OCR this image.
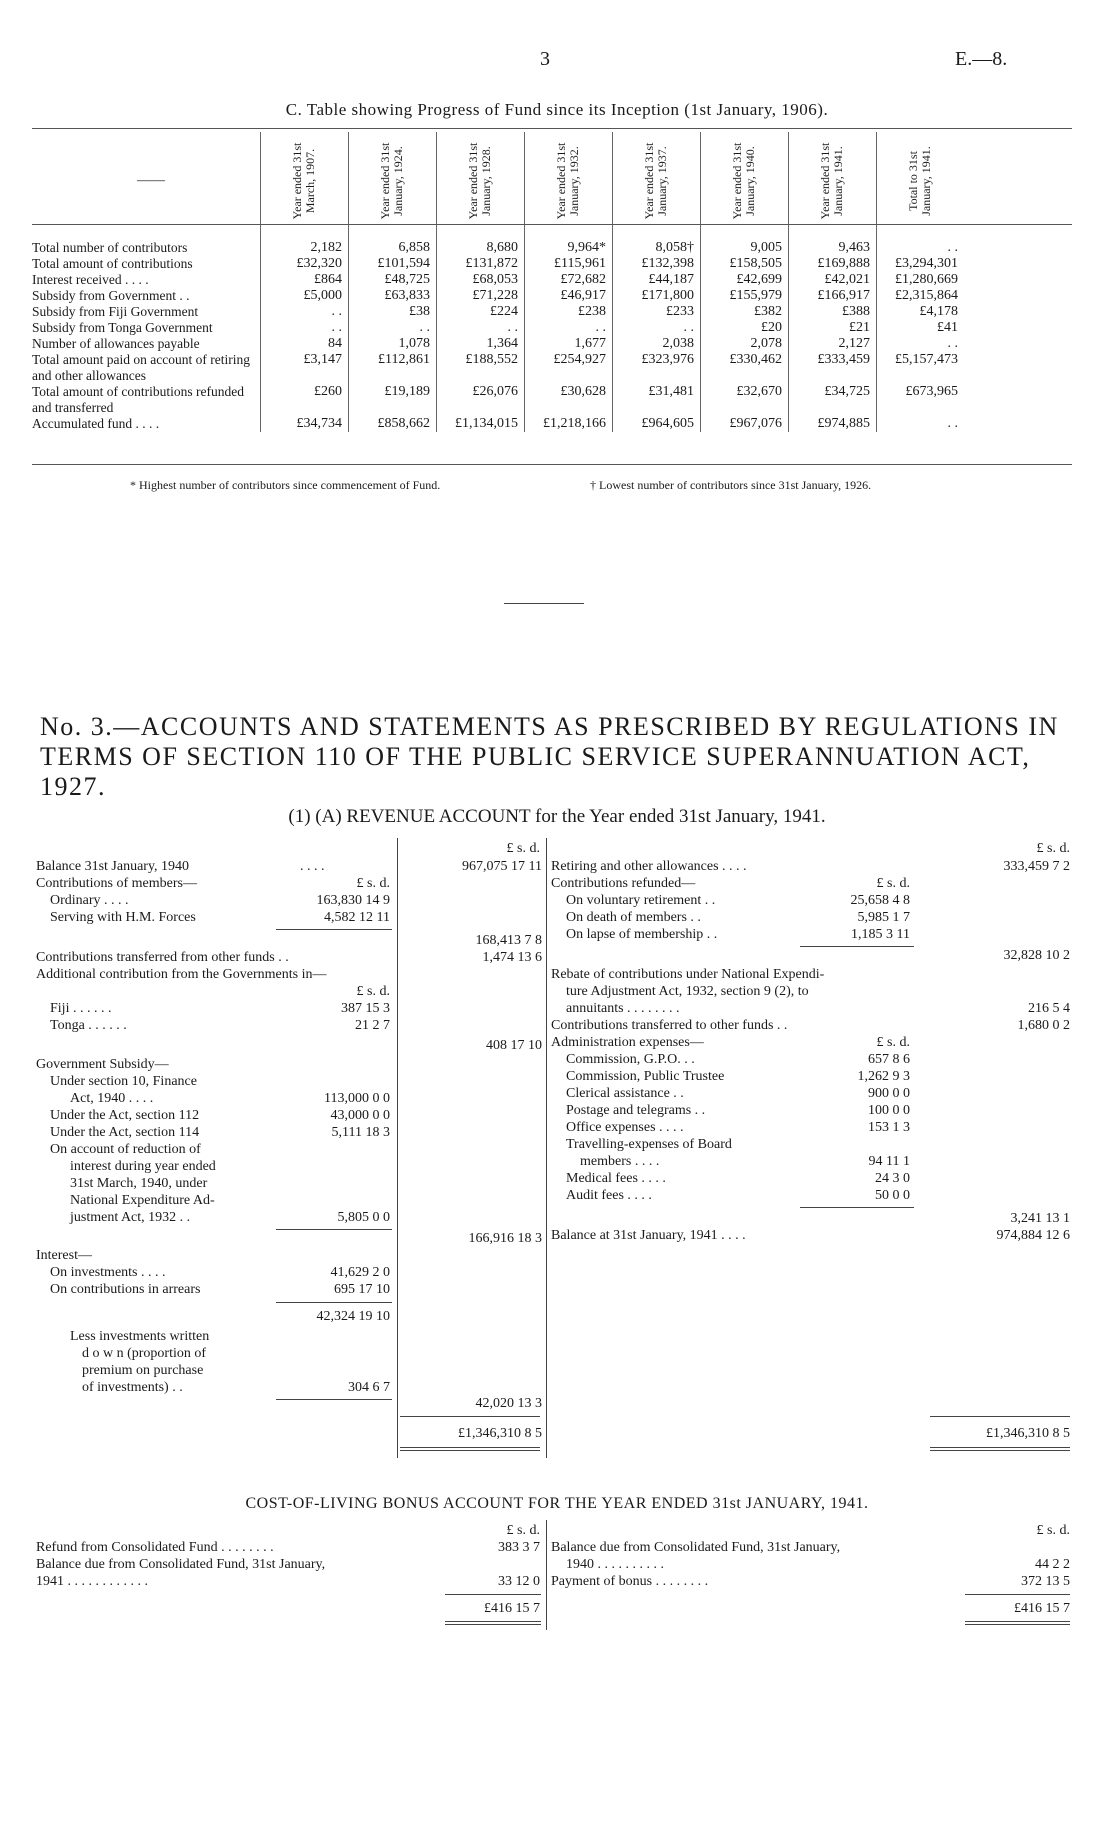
3	E.—8.
C. Table showing Progress of Fund since its Inception (1st January, 1906).
——	Year ended 31st March, 1907.	Year ended 31st January, 1924.	Year ended 31st January, 1928.	Year ended 31st January, 1932.	Year ended 31st January, 1937.	Year ended 31st January, 1940.	Year ended 31st January, 1941.	Total to 31st January, 1941.
Total number of contributors	2,182	6,858	8,680	9,964*	8,058†	9,005	9,463	. .
Total amount of contributions	£32,320	£101,594	£131,872	£115,961	£132,398	£158,505	£169,888	£3,294,301
Interest received . . . .	£864	£48,725	£68,053	£72,682	£44,187	£42,699	£42,021	£1,280,669
Subsidy from Government . .	£5,000	£63,833	£71,228	£46,917	£171,800	£155,979	£166,917	£2,315,864
Subsidy from Fiji Government	. .	£38	£224	£238	£233	£382	£388	£4,178
Subsidy from Tonga Government	. .	. .	. .	. .	. .	£20	£21	£41
Number of allowances payable	84	1,078	1,364	1,677	2,038	2,078	2,127	. .
Total amount paid on account of retiring and other allowances
£3,147	£112,861	£188,552	£254,927	£323,976	£330,462	£333,459	£5,157,473
Total amount of contributions refunded and transferred
£260	£19,189	£26,076	£30,628	£31,481	£32,670	£34,725	£673,965
Accumulated fund . . . .	£34,734	£858,662	£1,134,015	£1,218,166	£964,605	£967,076	£974,885	. .
* Highest number of contributors since commencement of Fund.	† Lowest number of contributors since 31st January, 1926.
No. 3.—ACCOUNTS AND STATEMENTS AS PRESCRIBED BY REGULATIONS IN TERMS OF SECTION 110 OF THE PUBLIC SERVICE SUPERANNUATION ACT, 1927.
(1) (A) REVENUE ACCOUNT for the Year ended 31st January, 1941.
£ s. d.
Balance 31st January, 1940	. . . .	967,075 17 11
Contributions of members—	£ s. d.
Ordinary . . . .	163,830 14 9
Serving with H.M. Forces	4,582 12 11
168,413 7 8
Contributions transferred from other funds . .	1,474 13 6
Additional contribution from the Governments in—
£ s. d.
Fiji . . . . . .	387 15 3
Tonga . . . . . .	21 2 7
408 17 10
Government Subsidy—
Under section 10, Finance
Act, 1940 . . . .	113,000 0 0
Under the Act, section 112	43,000 0 0
Under the Act, section 114	5,111 18 3
On account of reduction of
interest during year ended
31st March, 1940, under
National Expenditure Ad-
justment Act, 1932 . .	5,805 0 0
166,916 18 3
Interest—
On investments . . . .	41,629 2 0
On contributions in arrears	695 17 10
42,324 19 10
Less investments written
d o w n (proportion of
premium on purchase
of investments) . .	304 6 7
42,020 13 3
£1,346,310 8 5
£ s. d.
Retiring and other allowances . . . .	333,459 7 2
Contributions refunded—	£ s. d.
On voluntary retirement . .	25,658 4 8
On death of members . .	5,985 1 7
On lapse of membership . .	1,185 3 11
32,828 10 2
Rebate of contributions under National Expendi-
ture Adjustment Act, 1932, section 9 (2), to
annuitants . . . . . . . .	216 5 4
Contributions transferred to other funds . .	1,680 0 2
Administration expenses—	£ s. d.
Commission, G.P.O. . .	657 8 6
Commission, Public Trustee	1,262 9 3
Clerical assistance . .	900 0 0
Postage and telegrams . .	100 0 0
Office expenses . . . .	153 1 3
Travelling-expenses of Board
members . . . .	94 11 1
Medical fees . . . .	24 3 0
Audit fees . . . .	50 0 0
3,241 13 1
Balance at 31st January, 1941 . . . .	974,884 12 6
£1,346,310 8 5
COST-OF-LIVING BONUS ACCOUNT FOR THE YEAR ENDED 31st JANUARY, 1941.
£ s. d.
Refund from Consolidated Fund . . . . . . . .	383 3 7
Balance due from Consolidated Fund, 31st January,
1941 . . . . . . . . . . . .	33 12 0
£416 15 7
£ s. d.
Balance due from Consolidated Fund, 31st January,
1940 . . . . . . . . . .	44 2 2
Payment of bonus . . . . . . . .	372 13 5
£416 15 7
